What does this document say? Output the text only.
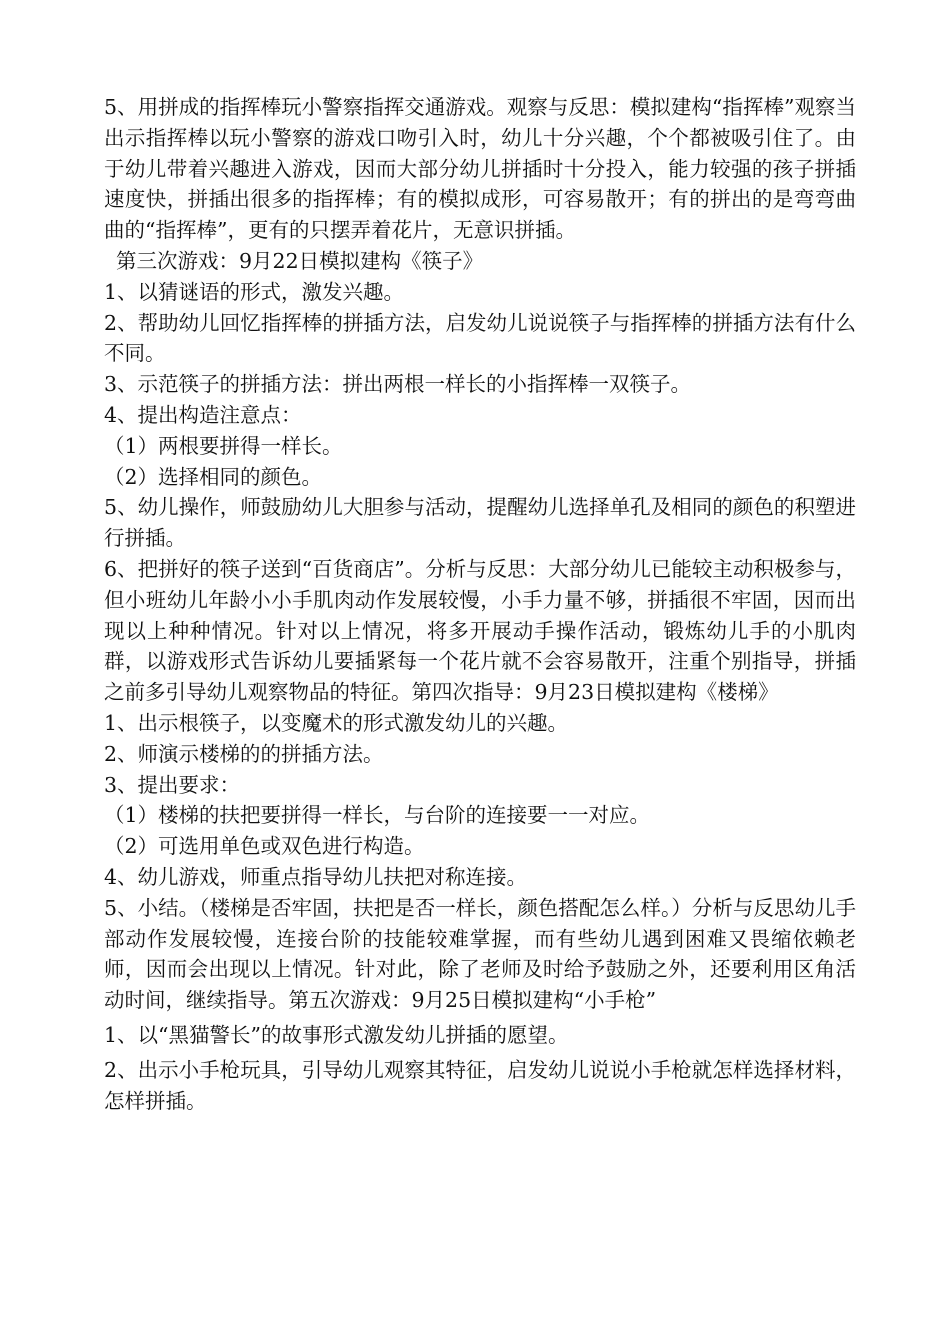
5、用拼成的指挥棒玩小警察指挥交通游戏。观察与反思：模拟建构“指挥棒”观察当出示指挥棒以玩小警察的游戏口吻引入时，幼儿十分兴趣，个个都被吸引住了。由于幼儿带着兴趣进入游戏，因而大部分幼儿拼插时十分投入，能力较强的孩子拼插速度快，拼插出很多的指挥棒；有的模拟成形，可容易散开；有的拼出的是弯弯曲曲的“指挥棒”，更有的只摆弄着花片，无意识拼插。

第三次游戏：9月22日模拟建构《筷子》

1、以猜谜语的形式，激发兴趣。

2、帮助幼儿回忆指挥棒的拼插方法，启发幼儿说说筷子与指挥棒的拼插方法有什么不同。

3、示范筷子的拼插方法：拼出两根一样长的小指挥棒一双筷子。

4、提出构造注意点：

（1）两根要拼得一样长。

（2）选择相同的颜色。

5、幼儿操作，师鼓励幼儿大胆参与活动，提醒幼儿选择单孔及相同的颜色的积塑进行拼插。

6、把拼好的筷子送到“百货商店”。分析与反思：大部分幼儿已能较主动积极参与，但小班幼儿年龄小小手肌肉动作发展较慢，小手力量不够，拼插很不牢固，因而出现以上种种情况。针对以上情况，将多开展动手操作活动，锻炼幼儿手的小肌肉群，以游戏形式告诉幼儿要插紧每一个花片就不会容易散开，注重个别指导，拼插之前多引导幼儿观察物品的特征。第四次指导：9月23日模拟建构《楼梯》

1、出示根筷子，以变魔术的形式激发幼儿的兴趣。

2、师演示楼梯的的拼插方法。

3、提出要求：

（1）楼梯的扶把要拼得一样长，与台阶的连接要一一对应。

（2）可选用单色或双色进行构造。

4、幼儿游戏，师重点指导幼儿扶把对称连接。

5、小结。（楼梯是否牢固，扶把是否一样长，颜色搭配怎么样。）分析与反思幼儿手部动作发展较慢，连接台阶的技能较难掌握，而有些幼儿遇到困难又畏缩依赖老师，因而会出现以上情况。针对此，除了老师及时给予鼓励之外，还要利用区角活动时间，继续指导。第五次游戏：9月25日模拟建构“小手枪”

1、以“黑猫警长”的故事形式激发幼儿拼插的愿望。

2、出示小手枪玩具，引导幼儿观察其特征，启发幼儿说说小手枪就怎样选择材料，怎样拼插。
